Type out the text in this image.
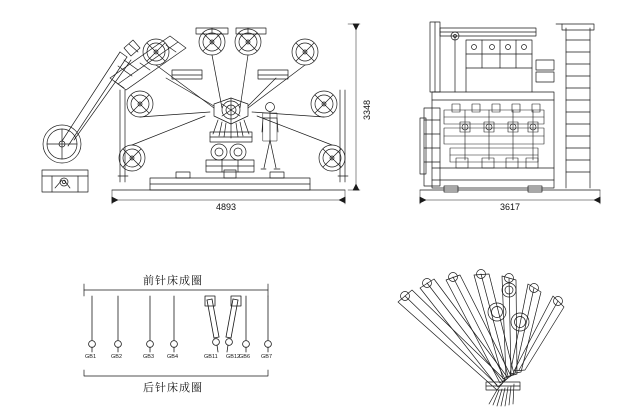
4893
3348
3617
前针床成圈
后针床成圈
GB1	GB2	GB3 GB4	GB11 GB12
GB6 GB7
